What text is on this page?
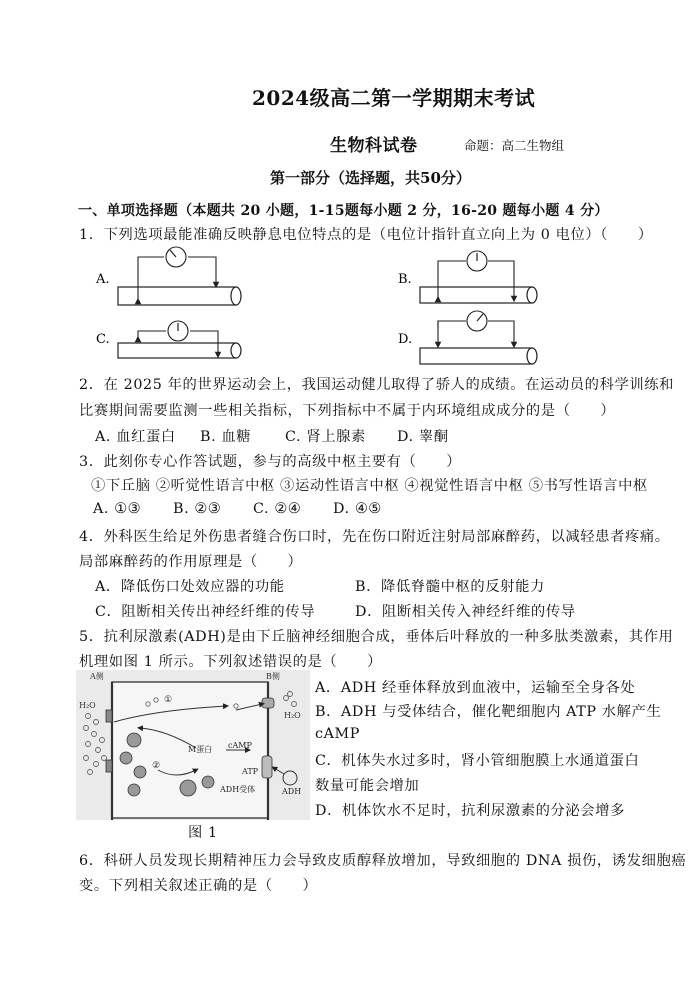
2024级高二第一学期期末考试
生物科试卷	命题：高二生物组
第一部分（选择题，共50分）
一、单项选择题（本题共 20 小题，1-15题每小题 2 分，16-20 题每小题 4 分）
1．下列选项最能准确反映静息电位特点的是（电位计指针直立向上为 0 电位）（　　）
A.	B.
C.	D.
2．在 2025 年的世界运动会上，我国运动健儿取得了骄人的成绩。在运动员的科学训练和
比赛期间需要监测一些相关指标，下列指标中不属于内环境组成成分的是（　　）
A. 血红蛋白 B. 血糖 C. 肾上腺素 D. 睾酮
3．此刻你专心作答试题，参与的高级中枢主要有（　　）
①下丘脑 ②听觉性语言中枢 ③运动性语言中枢 ④视觉性语言中枢 ⑤书写性语言中枢
A. ①③ B. ②③ C. ②④ D. ④⑤
4．外科医生给足外伤患者缝合伤口时，先在伤口附近注射局部麻醉药，以减轻患者疼痛。
局部麻醉药的作用原理是（　　）
A．降低伤口处效应器的功能	B．降低脊髓中枢的反射能力
C．阻断相关传出神经纤维的传导	D．阻断相关传入神经纤维的传导
5．抗利尿激素(ADH)是由下丘脑神经细胞合成，垂体后叶释放的一种多肽类激素，其作用
机理如图 1 所示。下列叙述错误的是（　　）
A侧	B侧
H₂O
H₂O
M蛋白 cAMP
ATP
ADH受体	ADH
①
②
图 1
A．ADH 经垂体释放到血液中，运输至全身各处
B．ADH 与受体结合，催化靶细胞内 ATP 水解产生
cAMP
C．机体失水过多时，肾小管细胞膜上水通道蛋白
数量可能会增加
D．机体饮水不足时，抗利尿激素的分泌会增多
6．科研人员发现长期精神压力会导致皮质醇释放增加，导致细胞的 DNA 损伤，诱发细胞癌
变。下列相关叙述正确的是（　　）
